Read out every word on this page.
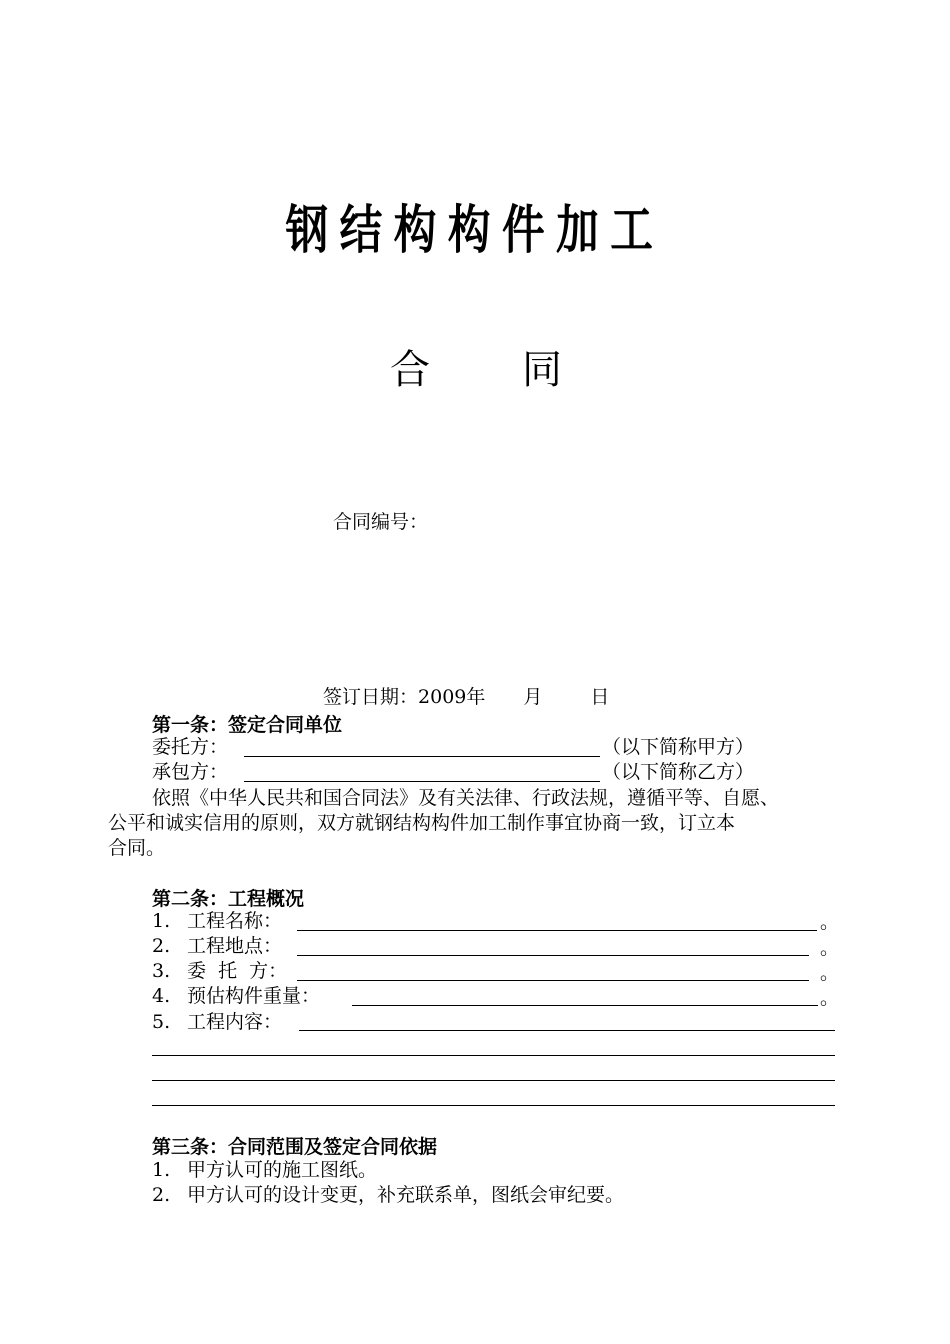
钢结构构件加工
合 同
合同编号：
签订日期：2009年 月	日
第一条：签定合同单位
委托方：	（以下简称甲方）
承包方：	（以下简称乙方）
依照《中华人民共和国合同法》及有关法律、行政法规，遵循平等、自愿、
公平和诚实信用的原则，双方就钢结构构件加工制作事宜协商一致，订立本
合同。
第二条：工程概况
1. 工程名称：	。
2. 工程地点：	。
3. 委  托  方：	。
4. 预估构件重量：	。
5. 工程内容：
第三条：合同范围及签定合同依据
1. 甲方认可的施工图纸。
2. 甲方认可的设计变更，补充联系单，图纸会审纪要。
